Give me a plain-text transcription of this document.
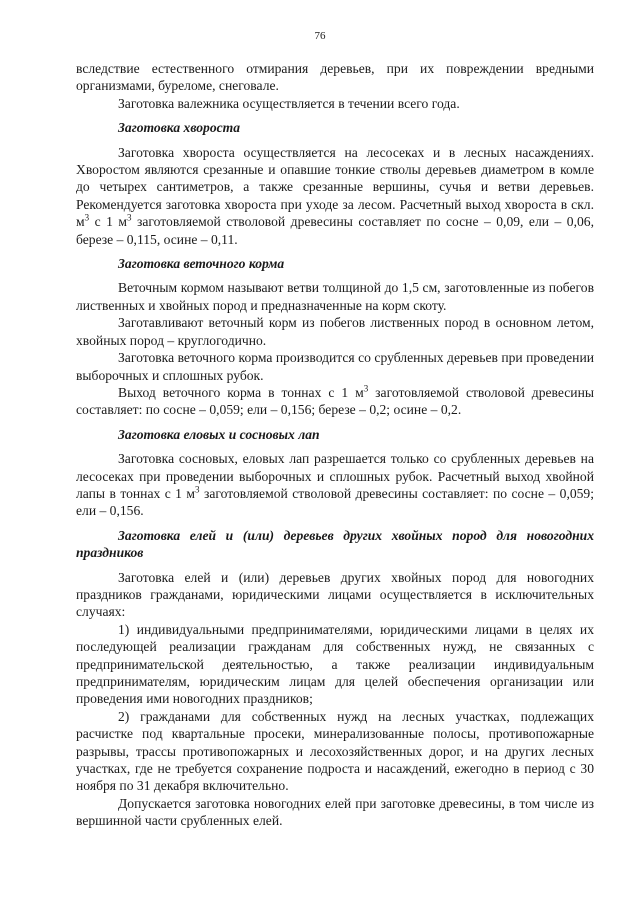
76

вследствие естественного отмирания деревьев, при их повреждении вредными организмами, буреломе, снеговале.

Заготовка валежника осуществляется в течении всего года.

Заготовка хвороста

Заготовка хвороста осуществляется на лесосеках и в лесных насаждениях. Хворостом являются срезанные и опавшие тонкие стволы деревьев диаметром в комле до четырех сантиметров, а также срезанные вершины, сучья и ветви деревьев. Рекомендуется заготовка хвороста при уходе за лесом. Расчетный выход хвороста в скл. $м^3$ с 1 $м^3$ заготовляемой стволовой древесины составляет по сосне – 0,09, ели – 0,06, березе – 0,115, осине – 0,11.

Заготовка веточного корма

Веточным кормом называют ветви толщиной до 1,5 см, заготовленные из побегов лиственных и хвойных пород и предназначенные на корм скоту.

Заготавливают веточный корм из побегов лиственных пород в основном летом, хвойных пород – круглогодично.

Заготовка веточного корма производится со срубленных деревьев при проведении выборочных и сплошных рубок.

Выход веточного корма в тоннах с 1 $м^3$ заготовляемой стволовой древесины составляет: по сосне – 0,059; ели – 0,156; березе – 0,2; осине – 0,2.

Заготовка еловых и сосновых лап

Заготовка сосновых, еловых лап разрешается только со срубленных деревьев на лесосеках при проведении выборочных и сплошных рубок. Расчетный выход хвойной лапы в тоннах с 1 $м^3$ заготовляемой стволовой древесины составляет: по сосне – 0,059; ели – 0,156.

Заготовка елей и (или) деревьев других хвойных пород для новогодних праздников

Заготовка елей и (или) деревьев других хвойных пород для новогодних праздников гражданами, юридическими лицами осуществляется в исключительных случаях:

1) индивидуальными предпринимателями, юридическими лицами в целях их последующей реализации гражданам для собственных нужд, не связанных с предпринимательской деятельностью, а также реализации индивидуальным предпринимателям, юридическим лицам для целей обеспечения организации или проведения ими новогодних праздников;

2) гражданами для собственных нужд на лесных участках, подлежащих расчистке под квартальные просеки, минерализованные полосы, противопожарные разрывы, трассы противопожарных и лесохозяйственных дорог, и на других лесных участках, где не требуется сохранение подроста и насаждений, ежегодно в период с 30 ноября по 31 декабря включительно.

Допускается заготовка новогодних елей при заготовке древесины, в том числе из вершинной части срубленных елей.
